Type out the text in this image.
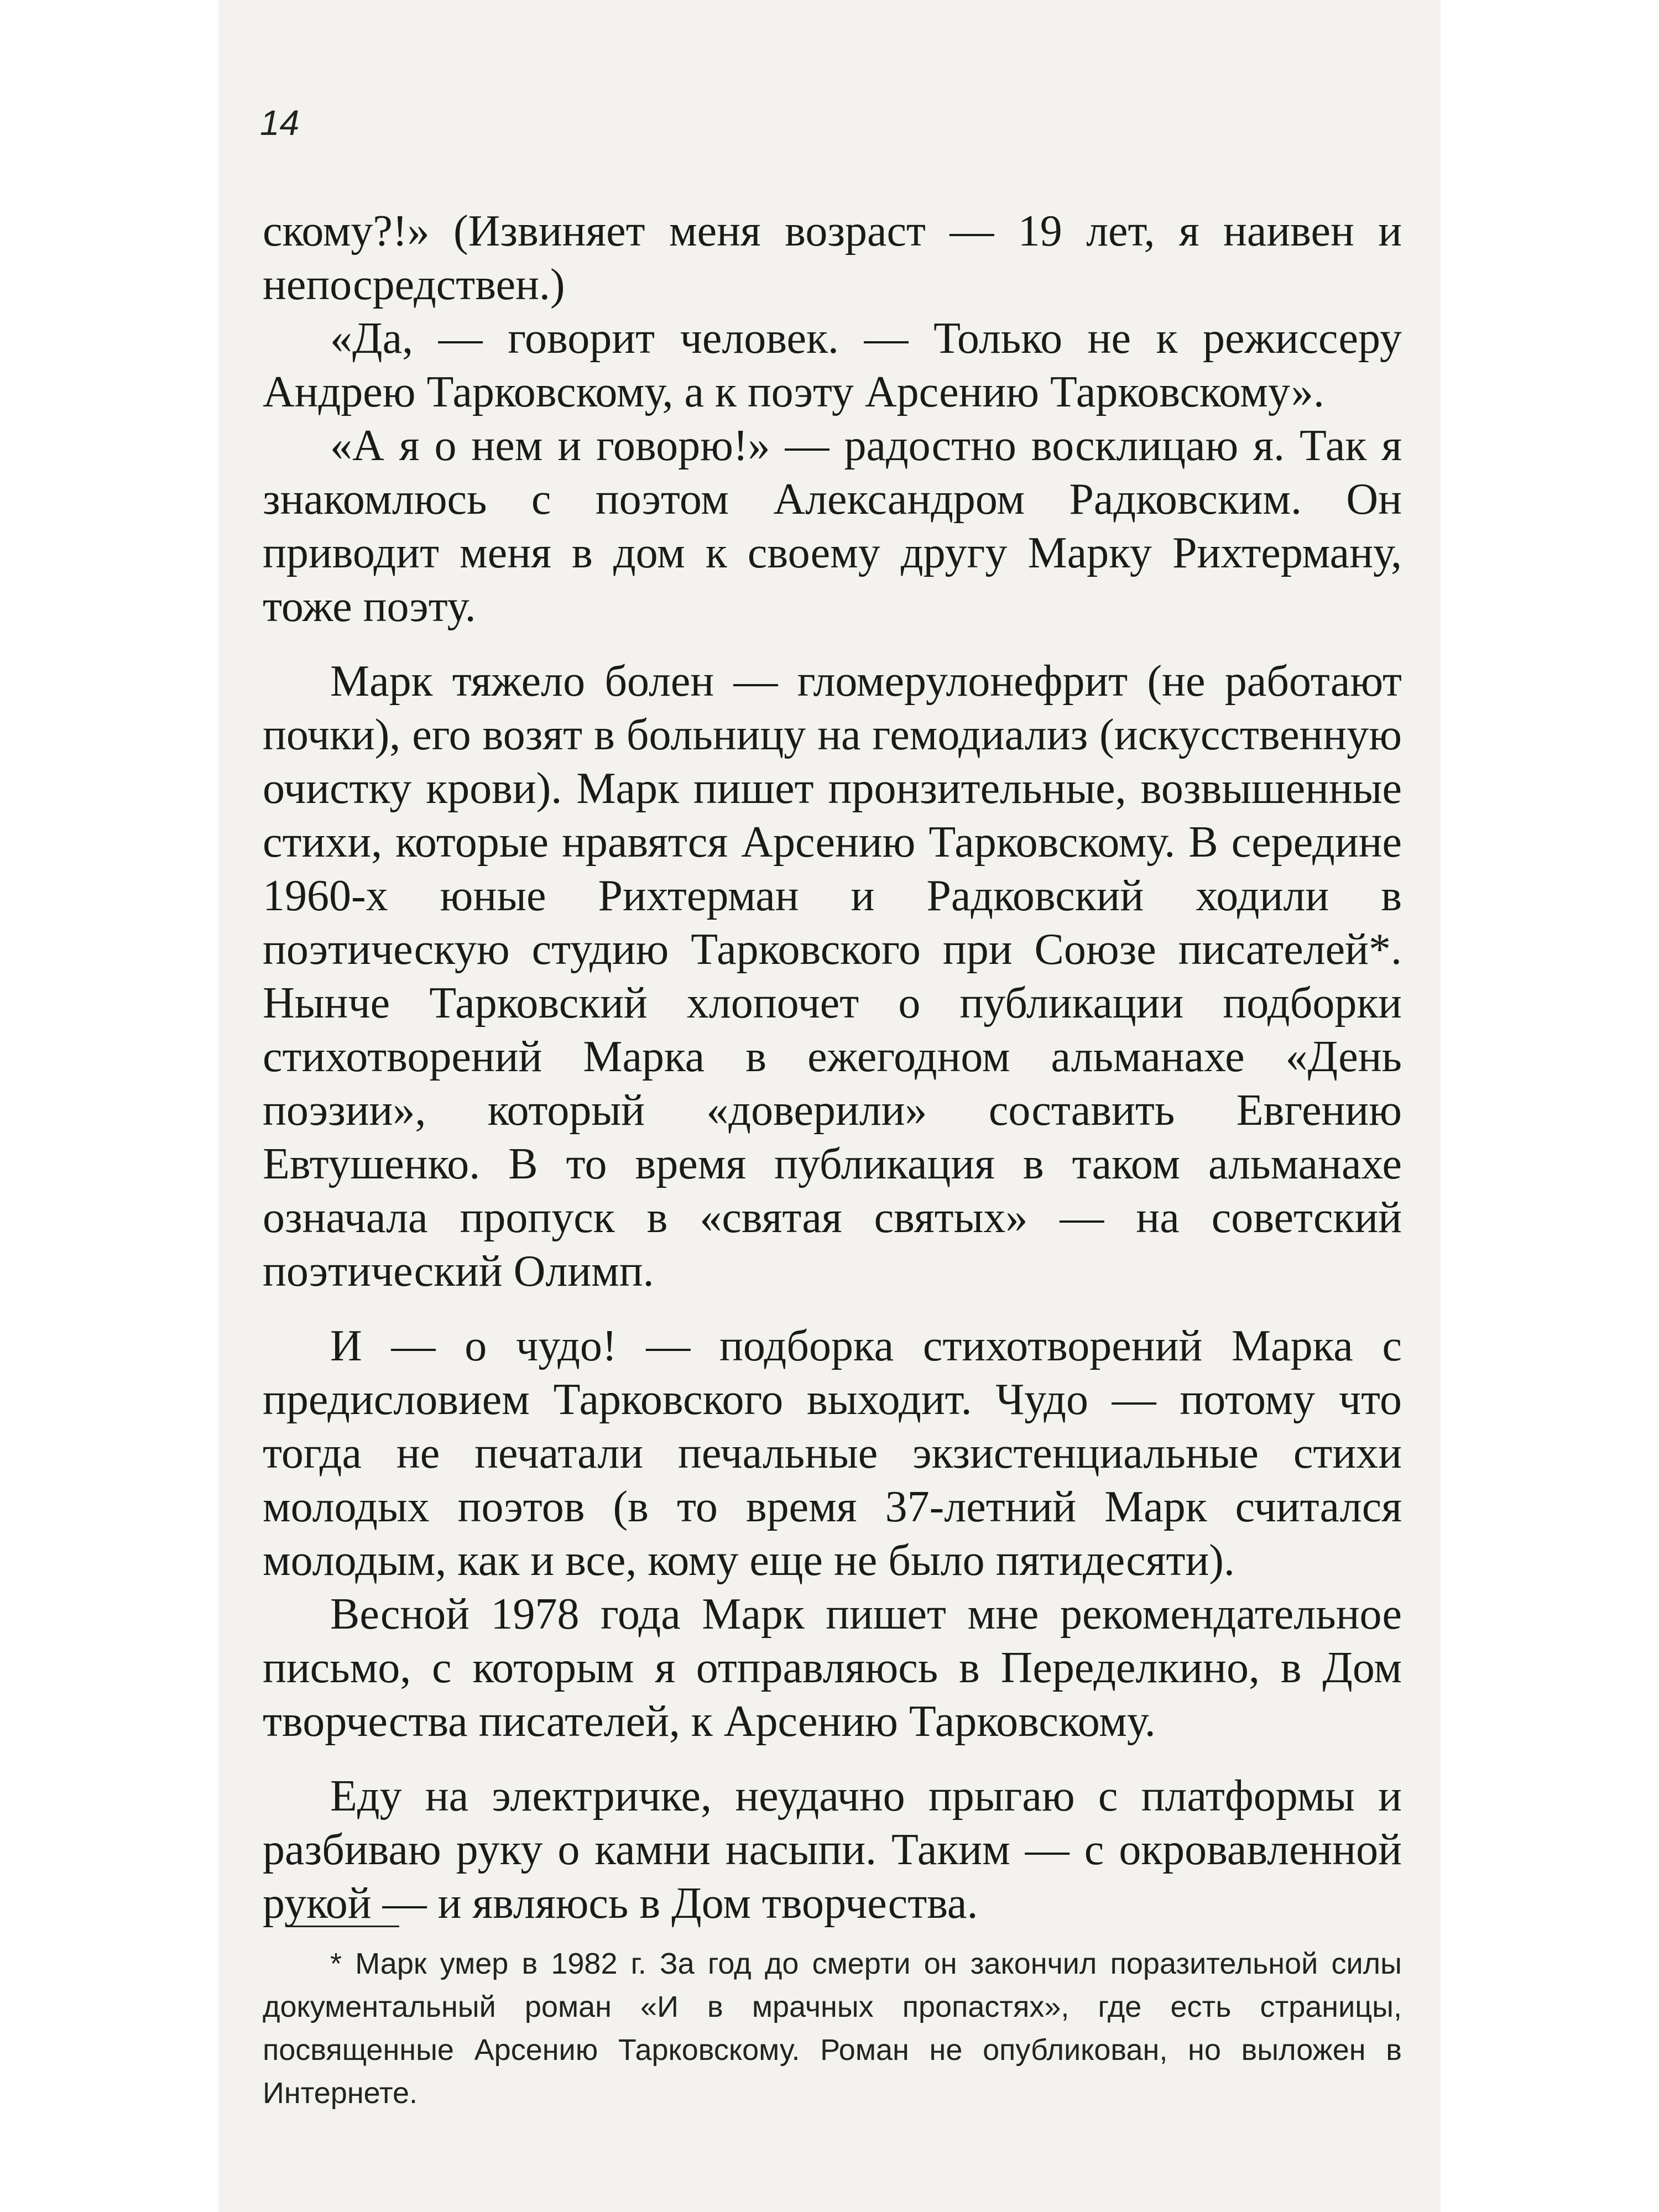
14

скому?!» (Извиняет меня возраст — 19 лет, я наивен и непосредствен.)

«Да, — говорит человек. — Только не к режиссеру Андрею Тарковскому, а к поэту Арсению Тарковскому».

«А я о нем и говорю!» — радостно восклицаю я. Так я знакомлюсь с поэтом Александром Радковским. Он приводит меня в дом к своему другу Марку Рихтерману, тоже поэту.

Марк тяжело болен — гломерулонефрит (не работают почки), его возят в больницу на гемодиализ (искусственную очистку крови). Марк пишет пронзительные, возвышенные стихи, которые нравятся Арсению Тарковскому. В середине 1960-х юные Рихтерман и Радковский ходили в поэтическую студию Тарковского при Союзе писателей*. Нынче Тарковский хлопочет о публикации подборки стихотворений Марка в ежегодном альманахе «День поэзии», который «доверили» составить Евгению Евтушенко. В то время публикация в таком альманахе означала пропуск в «святая святых» — на советский поэтический Олимп.

И — о чудо! — подборка стихотворений Марка с предисловием Тарковского выходит. Чудо — потому что тогда не печатали печальные экзистенциальные стихи молодых поэтов (в то время 37-летний Марк считался молодым, как и все, кому еще не было пятидесяти).

Весной 1978 года Марк пишет мне рекомендательное письмо, с которым я отправляюсь в Переделкино, в Дом творчества писателей, к Арсению Тарковскому.

Еду на электричке, неудачно прыгаю с платформы и разбиваю руку о камни насыпи. Таким — с окровавленной рукой — и являюсь в Дом творчества.

* Марк умер в 1982 г. За год до смерти он закончил поразительной силы документальный роман «И в мрачных пропастях», где есть страницы, посвященные Арсению Тарковскому. Роман не опубликован, но выложен в Интернете.
